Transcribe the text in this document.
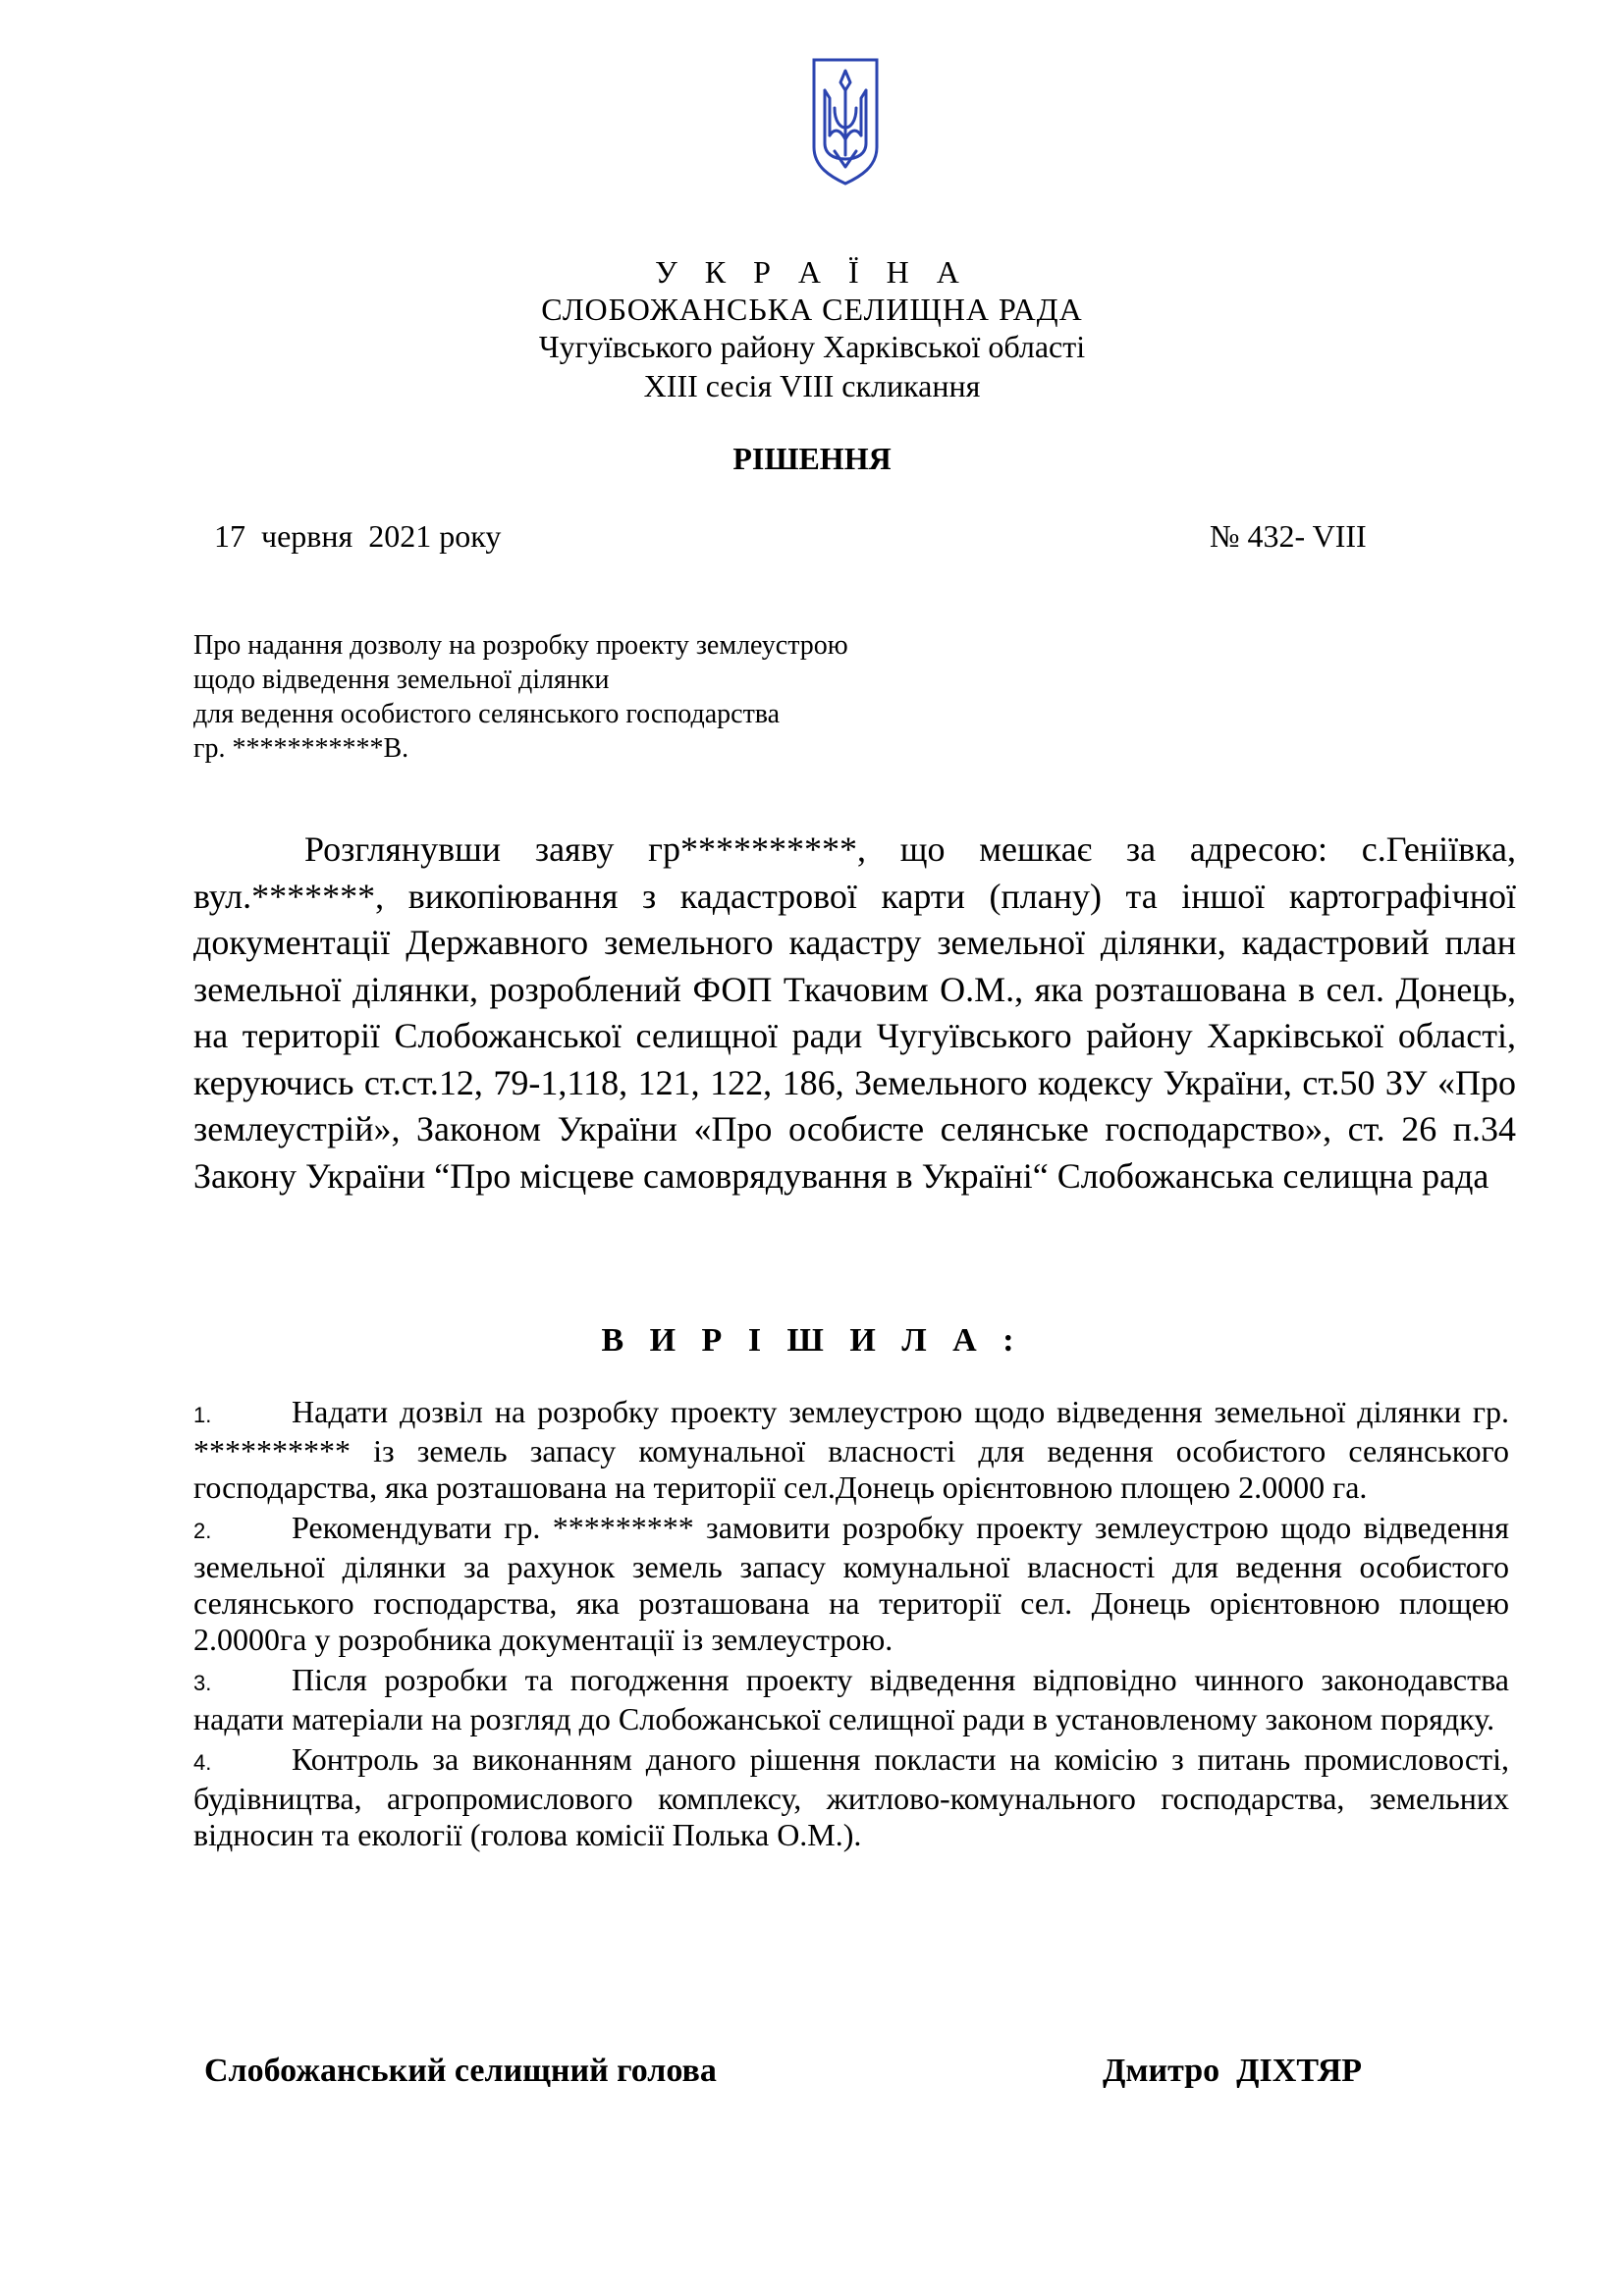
У К Р А Ї Н А
СЛОБОЖАНСЬКА СЕЛИЩНА РАДА
Чугуївського району Харківської області
XIII сесія VIII скликання
РІШЕННЯ
17  червня  2021 року	№ 432- VIII
Про надання дозволу на розробку проекту землеустрою
щодо відведення земельної ділянки
для ведення особистого селянського господарства
гр. ***********В.
Розглянувши заяву гр**********, що мешкає за адресою: с.Геніївка, вул.*******, викопіювання з кадастрової карти (плану) та іншої картографічної документації Державного земельного кадастру земельної ділянки, кадастровий план земельної ділянки, розроблений ФОП Ткачовим О.М., яка розташована в сел. Донець, на території Слобожанської селищної ради Чугуївського району Харківської області, керуючись ст.ст.12, 79-1,118, 121, 122, 186, Земельного кодексу України, ст.50 ЗУ «Про землеустрій», Законом України «Про особисте селянське господарство», ст. 26 п.34 Закону України “Про місцеве самоврядування в Україні“ Слобожанська селищна рада
В И Р І Ш И Л А :
1.	Надати дозвіл на розробку проекту землеустрою щодо відведення земельної ділянки гр. ********** із земель запасу комунальної власності для ведення особистого селянського господарства, яка розташована на території сел.Донець орієнтовною площею 2.0000 га.
2.	Рекомендувати гр. ********* замовити розробку проекту землеустрою щодо відведення земельної ділянки за рахунок земель запасу комунальної власності для ведення особистого селянського господарства, яка розташована на території сел. Донець орієнтовною площею 2.0000га у розробника документації із землеустрою.
3.	Після розробки та погодження проекту відведення відповідно чинного законодавства надати матеріали на розгляд до Слобожанської селищної ради в установленому законом порядку.
4.	Контроль за виконанням даного рішення покласти на комісію з питань промисловості, будівництва, агропромислового комплексу, житлово-комунального господарства, земельних відносин та екології (голова комісії Полька О.М.).
Слобожанський селищний голова	Дмитро  ДІХТЯР
